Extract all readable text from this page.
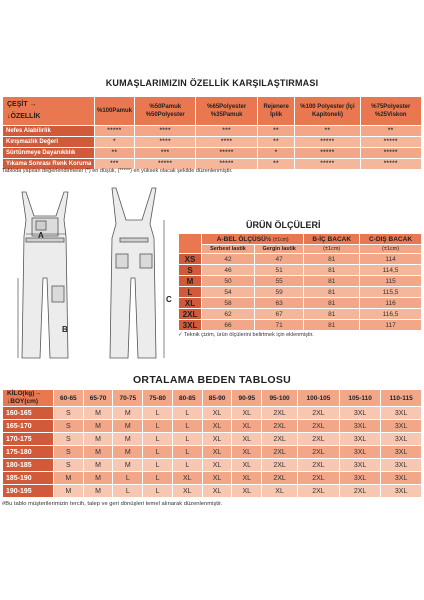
KUMAŞLARIMIZIN ÖZELLİK KARŞILAŞTIRMASI
ÇEŞİT →
↓ÖZELLİK	%100Pamuk	%50Pamuk %50Polyester	%65Polyester %35Pamuk	Rejenere İplik	%100 Polyester (İçi Kapitoneli)	%75Polyester %25Viskon
Nefes Alabilirlik	*****	****	***	**	**	**
Kırışmazlık Değeri	*	****	****	**	*****	*****
Sürtünmeye Dayanıklılık	**	***	*****	*	*****	*****
Yıkama Sonrası Renk Koruma	***	*****	*****	**	*****	*****
Tabloda yapılan değerlendirmeler (*) en düşük, (*****) en yüksek olacak şekilde düzenlenmiştir.
A
B
C
ÜRÜN ÖLÇÜLERİ
	A-BEL ÖLÇÜSÜ½ (±1cm)		B-İÇ BACAK	C-DIŞ BACAK
	Serbest lastik	Gergin lastik	(±1cm)	(±1cm)
XS	42	47	81	114
S	46	51	81	114,5
M	50	55	81	115
L	54	59	81	115,5
XL	58	63	81	116
2XL	62	67	81	116,5
3XL	66	71	81	117
✓ Teknik çizim, ürün ölçülerini belirtmek için eklenmiştir.
ORTALAMA BEDEN TABLOSU
KİLO(kg)→
↓BOY(cm)	60-65	65-70	70-75	75-80	80-85	85-90	90-95	95-100	100-105	105-110	110-115
160-165	S	M	M	L	L	XL	XL	2XL	2XL	3XL	3XL
165-170	S	M	M	L	L	XL	XL	2XL	2XL	3XL	3XL
170-175	S	M	M	L	L	XL	XL	2XL	2XL	3XL	3XL
175-180	S	M	M	L	L	XL	XL	2XL	2XL	3XL	3XL
180-185	S	M	M	L	L	XL	XL	2XL	2XL	3XL	3XL
185-190	M	M	L	L	XL	XL	XL	2XL	2XL	3XL	3XL
190-195	M	M	L	L	XL	XL	XL	XL	2XL	2XL	3XL
#Bu tablo müşterilerimizin tercih, talep ve geri dönüşleri temel alınarak düzenlenmiştir.
